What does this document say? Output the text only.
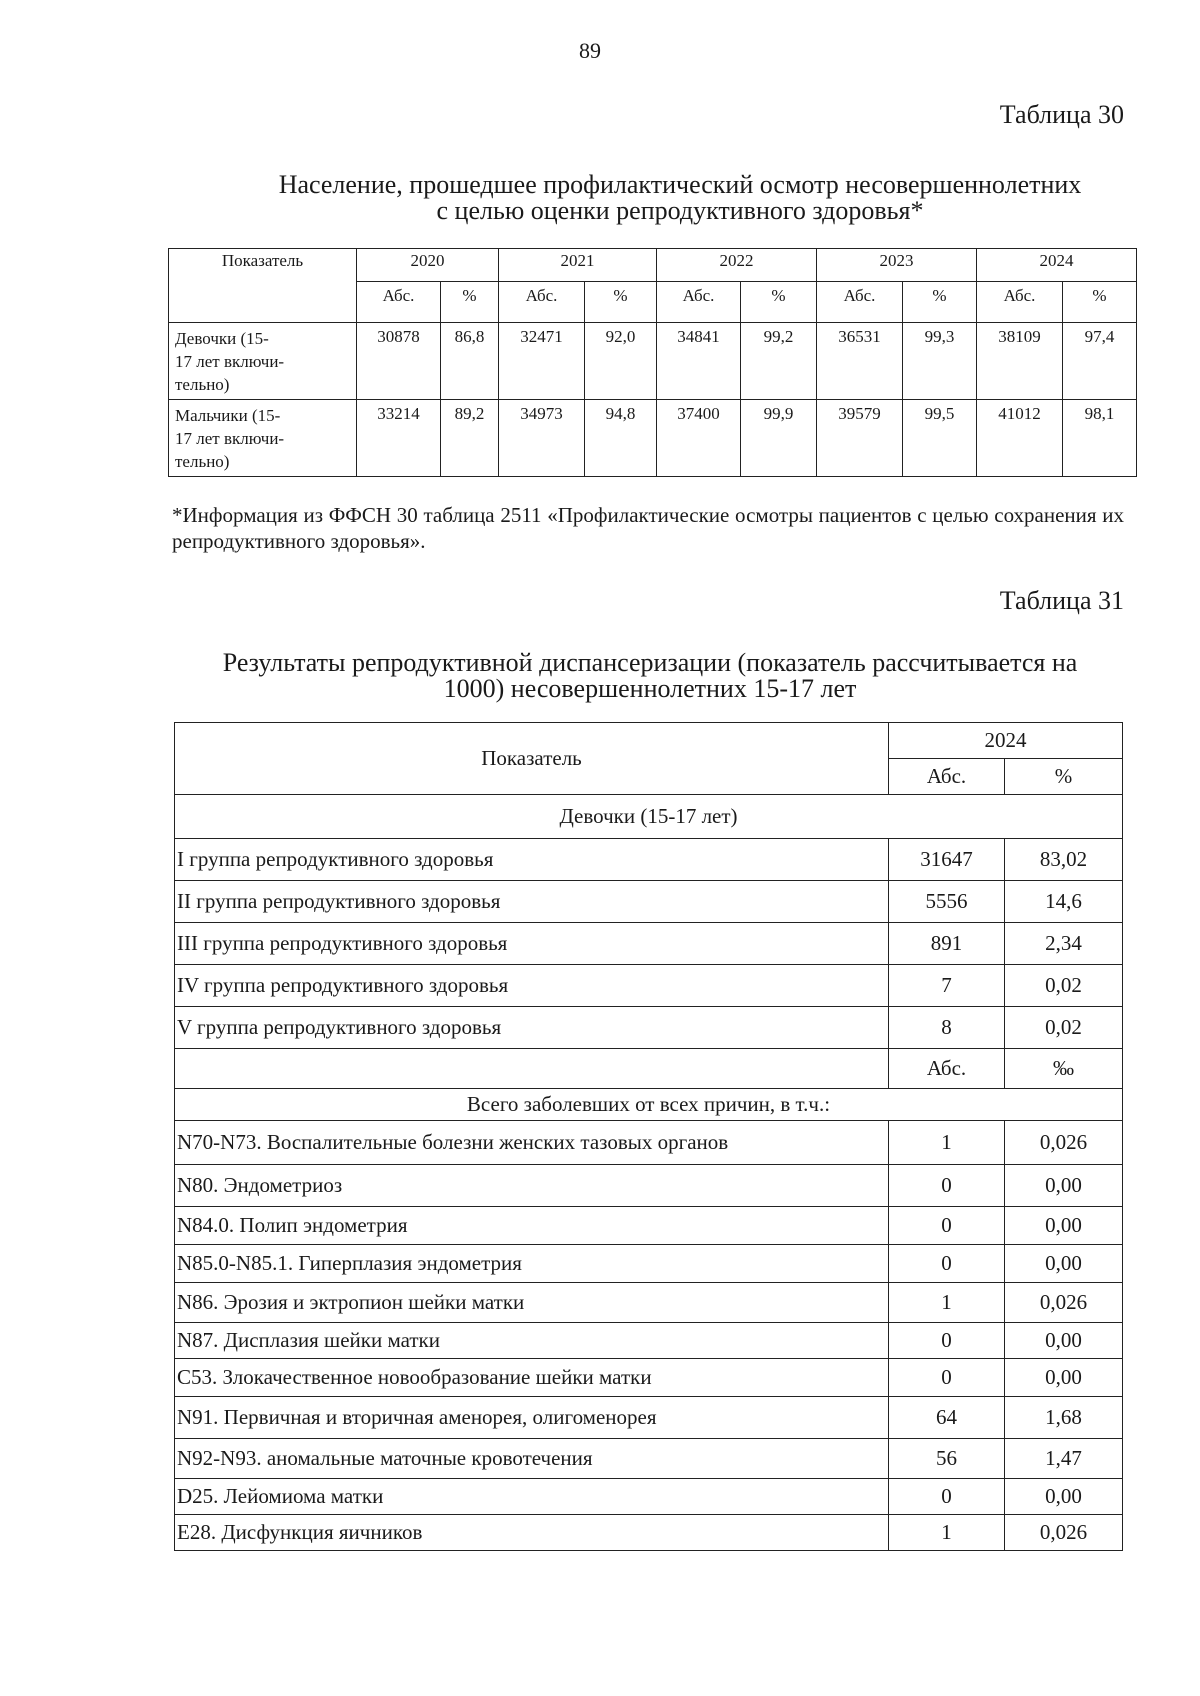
89
Таблица 30
Население, прошедшее профилактический осмотр несовершеннолетних
с целью оценки репродуктивного здоровья*
Показатель	2020		2021		2022		2023		2024	
	Абс.	%	Абс.	%	Абс.	%	Абс.	%	Абс.	%

Девочки (15-
17 лет включи-
тельно)	30878	86,8	32471	92,0	34841	99,2	36531	99,3	38109	97,4

Мальчики (15-
17 лет включи-
тельно)	33214	89,2	34973	94,8	37400	99,9	39579	99,5	41012	98,1
*Информация из ФФСН 30 таблица 2511 «Профилактические осмотры пациентов с целью сохранения их репродуктивного здоровья».
Таблица 31
Результаты репродуктивной диспансеризации (показатель рассчитывается на
1000) несовершеннолетних 15-17 лет
Показатель	2024	
	Абс.	%
Девочки (15-17 лет)		
I группа репродуктивного здоровья	31647	83,02
II группа репродуктивного здоровья	5556	14,6
III группа репродуктивного здоровья	891	2,34
IV группа репродуктивного здоровья	7	0,02
V группа репродуктивного здоровья	8	0,02
	Абс.	‰
Всего заболевших от всех причин, в т.ч.:		
N70-N73. Воспалительные болезни женских тазовых органов	1	0,026
N80. Эндометриоз	0	0,00
N84.0. Полип эндометрия	0	0,00
N85.0-N85.1. Гиперплазия эндометрия	0	0,00
N86. Эрозия и эктропион шейки матки	1	0,026
N87. Дисплазия шейки матки	0	0,00
C53. Злокачественное новообразование шейки матки	0	0,00
N91. Первичная и вторичная аменорея, олигоменорея	64	1,68
N92-N93. аномальные маточные кровотечения	56	1,47
D25. Лейомиома матки	0	0,00
E28. Дисфункция яичников	1	0,026
